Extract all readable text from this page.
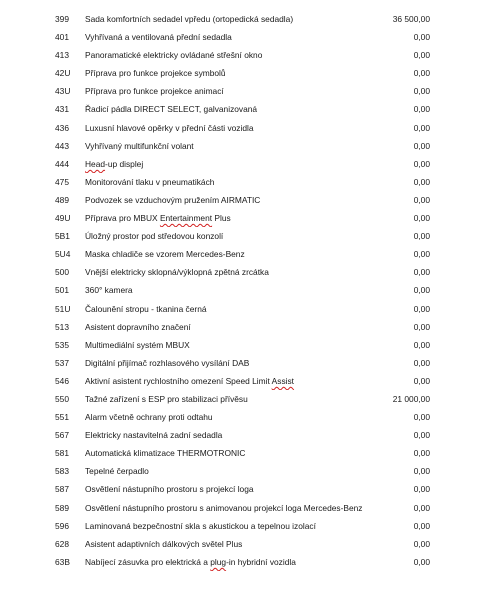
399	Sada komfortních sedadel vpředu (ortopedická sedadla)	36 500,00
401	Vyhřívaná a ventilovaná přední sedadla	0,00
413	Panoramatické elektricky ovládané střešní okno	0,00
42U	Příprava pro funkce projekce symbolů	0,00
43U	Příprava pro funkce projekce animací	0,00
431	Řadicí pádla DIRECT SELECT, galvanizovaná	0,00
436	Luxusní hlavové opěrky v přední části vozidla	0,00
443	Vyhřívaný multifunkční volant	0,00
444	Head-up displej	0,00
475	Monitorování tlaku v pneumatikách	0,00
489	Podvozek se vzduchovým pružením AIRMATIC	0,00
49U	Příprava pro MBUX Entertainment Plus	0,00
5B1	Úložný prostor pod středovou konzolí	0,00
5U4	Maska chladiče se vzorem Mercedes-Benz	0,00
500	Vnější elektricky sklopná/výklopná zpětná zrcátka	0,00
501	360° kamera	0,00
51U	Čalounění stropu - tkanina černá	0,00
513	Asistent dopravního značení	0,00
535	Multimediální systém MBUX	0,00
537	Digitální přijímač rozhlasového vysílání DAB	0,00
546	Aktivní asistent rychlostního omezení Speed Limit Assist	0,00
550	Tažné zařízení s ESP pro stabilizaci přívěsu	21 000,00
551	Alarm včetně ochrany proti odtahu	0,00
567	Elektricky nastavitelná zadní sedadla	0,00
581	Automatická klimatizace THERMOTRONIC	0,00
583	Tepelné čerpadlo	0,00
587	Osvětlení nástupního prostoru s projekcí loga	0,00
589	Osvětlení nástupního prostoru s animovanou projekcí loga Mercedes-Benz	0,00
596	Laminovaná bezpečnostní skla s akustickou a tepelnou izolací	0,00
628	Asistent adaptivních dálkových světel Plus	0,00
63B	Nabíjecí zásuvka pro elektrická a plug-in hybridní vozidla	0,00
